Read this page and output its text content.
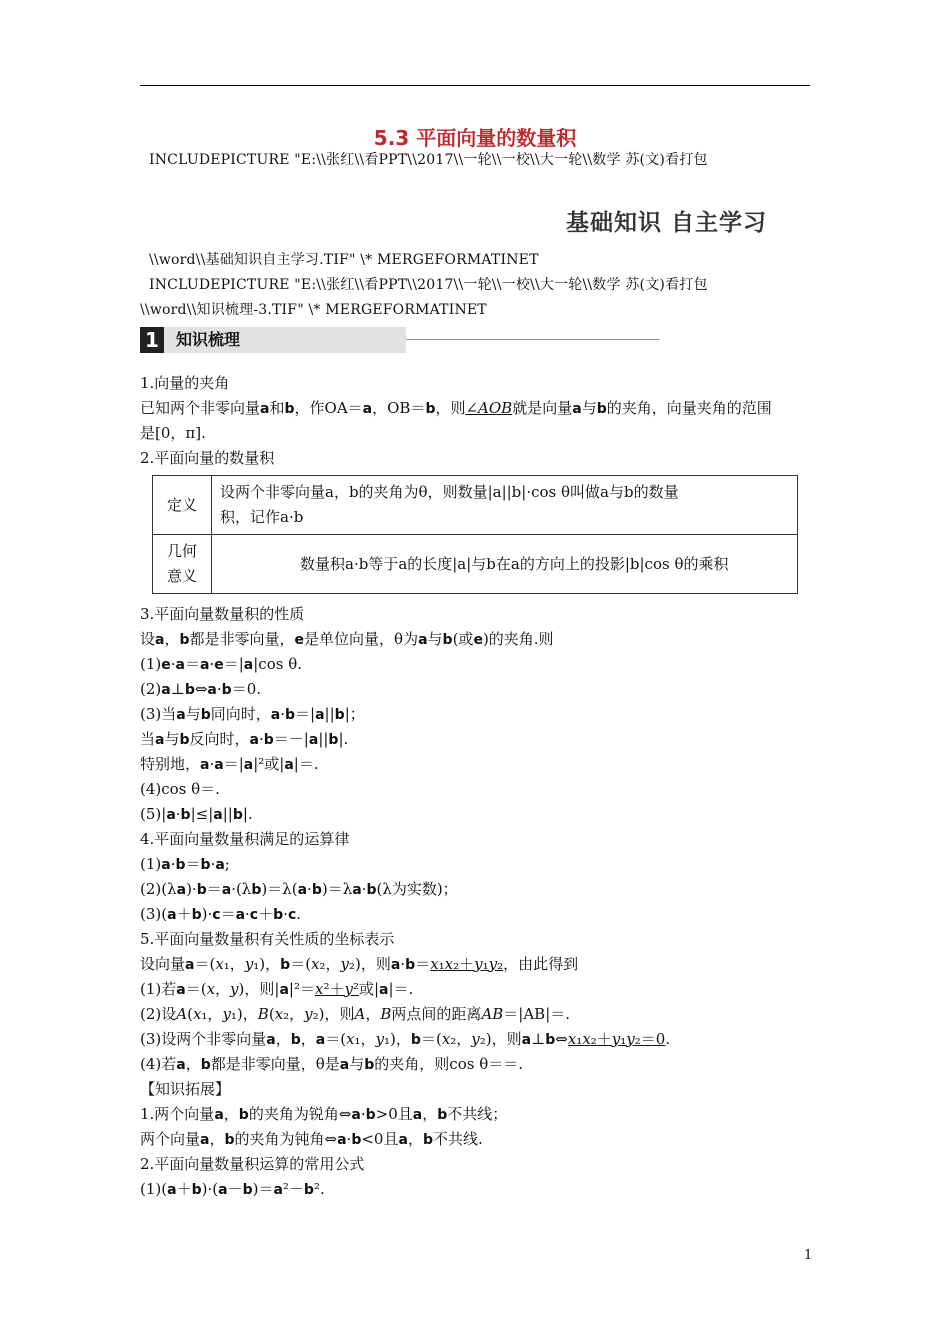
5.3 平面向量的数量积
INCLUDEPICTURE "E:\\张红\\看PPT\\2017\\一轮\\一校\\大一轮\\数学 苏(文)看打包
基础知识 自主学习
\\word\\基础知识自主学习.TIF" \* MERGEFORMATINET
INCLUDEPICTURE "E:\\张红\\看PPT\\2017\\一轮\\一校\\大一轮\\数学 苏(文)看打包
\\word\\知识梳理-3.TIF" \* MERGEFORMATINET
1	知识梳理
1.向量的夹角
已知两个非零向量a和b，作OA＝a，OB＝b，则∠AOB就是向量a与b的夹角，向量夹角的范围
是[0，π].
2.平面向量的数量积
定义	设两个非零向量a，b的夹角为θ，则数量|a||b|·cos θ叫做a与b的数量
积，记作a·b

几何
意义	数量积a·b等于a的长度|a|与b在a的方向上的投影|b|cos θ的乘积
3.平面向量数量积的性质
设a，b都是非零向量，e是单位向量，θ为a与b(或e)的夹角.则
(1)e·a＝a·e＝|a|cos θ.
(2)a⊥b⇔a·b＝0.
(3)当a与b同向时，a·b＝|a||b|；
当a与b反向时，a·b＝－|a||b|.
特别地，a·a＝|a|²或|a|＝.
(4)cos θ＝.
(5)|a·b|≤|a||b|.
4.平面向量数量积满足的运算律
(1)a·b＝b·a;
(2)(λa)·b＝a·(λb)＝λ(a·b)＝λa·b(λ为实数)；
(3)(a＋b)·c＝a·c＋b·c.
5.平面向量数量积有关性质的坐标表示
设向量a＝(x₁，y₁)，b＝(x₂，y₂)，则a·b＝x₁x₂＋y₁y₂，由此得到
(1)若a＝(x，y)，则|a|²＝x²＋y²或|a|＝.
(2)设A(x₁，y₁)，B(x₂，y₂)，则A，B两点间的距离AB＝|AB|＝.
(3)设两个非零向量a，b，a＝(x₁，y₁)，b＝(x₂，y₂)，则a⊥b⇔x₁x₂＋y₁y₂＝0.
(4)若a，b都是非零向量，θ是a与b的夹角，则cos θ＝＝.
【知识拓展】
1.两个向量a，b的夹角为锐角⇔a·b>0且a，b不共线；
两个向量a，b的夹角为钝角⇔a·b<0且a，b不共线.
2.平面向量数量积运算的常用公式
(1)(a＋b)·(a－b)＝a²－b².
1
